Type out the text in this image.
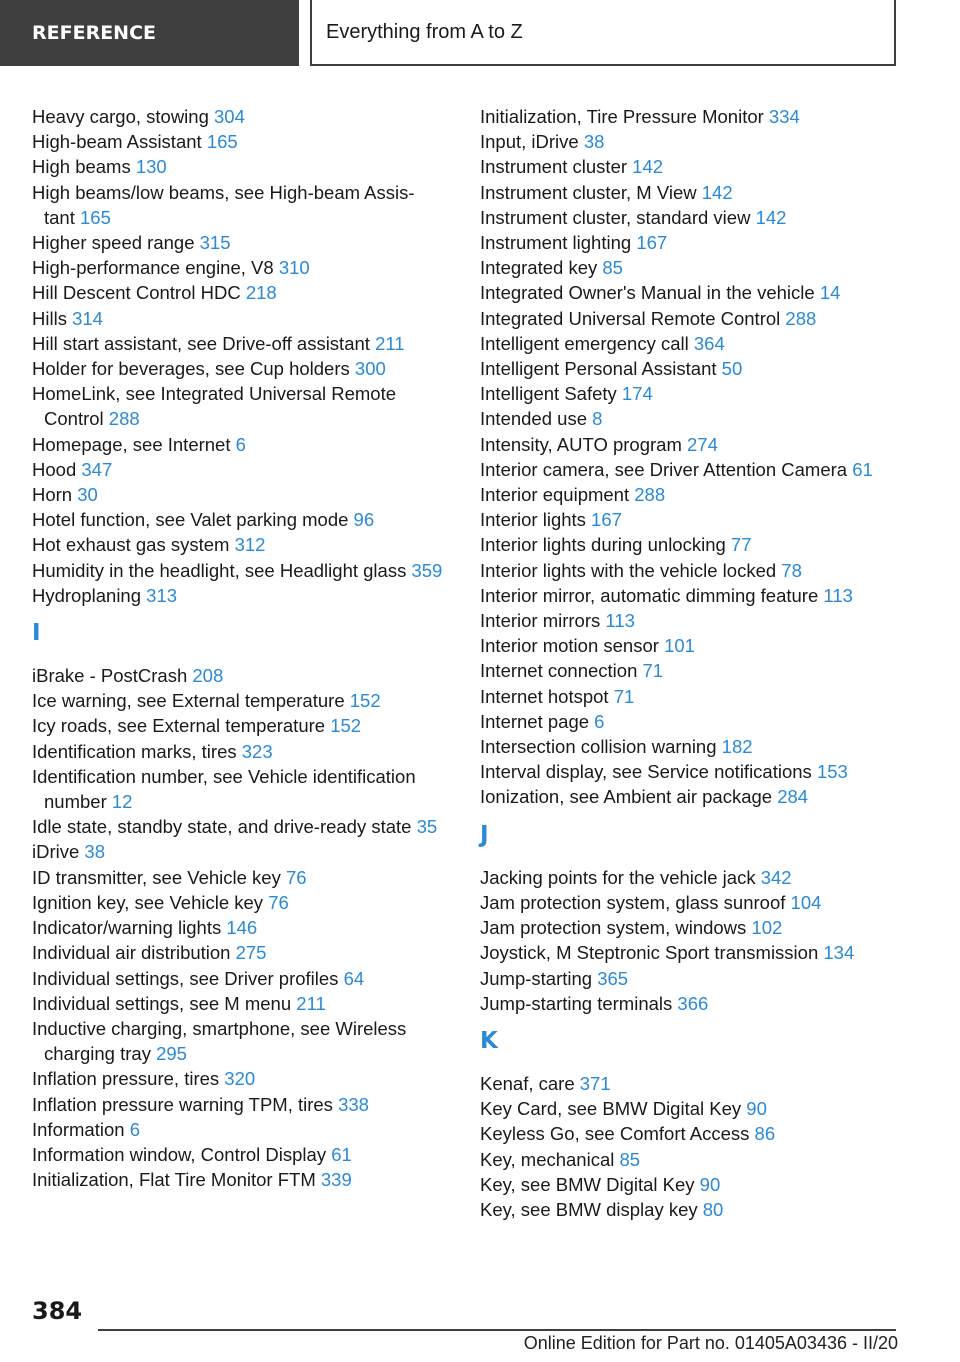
REFERENCE	Everything from A to Z
Heavy cargo, stowing 304
High-beam Assistant 165
High beams 130
High beams/low beams, see High-beam Assis‐tant 165
Higher speed range 315
High-performance engine, V8 310
Hill Descent Control HDC 218
Hills 314
Hill start assistant, see Drive-off assistant 211
Holder for beverages, see Cup holders 300
HomeLink, see Integrated Universal Remote Control 288
Homepage, see Internet 6
Hood 347
Horn 30
Hotel function, see Valet parking mode 96
Hot exhaust gas system 312
Humidity in the headlight, see Headlight glass 359
Hydroplaning 313
I
iBrake - PostCrash 208
Ice warning, see External temperature 152
Icy roads, see External temperature 152
Identification marks, tires 323
Identification number, see Vehicle identification number 12
Idle state, standby state, and drive-ready state 35
iDrive 38
ID transmitter, see Vehicle key 76
Ignition key, see Vehicle key 76
Indicator/warning lights 146
Individual air distribution 275
Individual settings, see Driver profiles 64
Individual settings, see M menu 211
Inductive charging, smartphone, see Wireless charging tray 295
Inflation pressure, tires 320
Inflation pressure warning TPM, tires 338
Information 6
Information window, Control Display 61
Initialization, Flat Tire Monitor FTM 339
Initialization, Tire Pressure Monitor 334
Input, iDrive 38
Instrument cluster 142
Instrument cluster, M View 142
Instrument cluster, standard view 142
Instrument lighting 167
Integrated key 85
Integrated Owner's Manual in the vehicle 14
Integrated Universal Remote Control 288
Intelligent emergency call 364
Intelligent Personal Assistant 50
Intelligent Safety 174
Intended use 8
Intensity, AUTO program 274
Interior camera, see Driver Attention Camera 61
Interior equipment 288
Interior lights 167
Interior lights during unlocking 77
Interior lights with the vehicle locked 78
Interior mirror, automatic dimming feature 113
Interior mirrors 113
Interior motion sensor 101
Internet connection 71
Internet hotspot 71
Internet page 6
Intersection collision warning 182
Interval display, see Service notifications 153
Ionization, see Ambient air package 284
J
Jacking points for the vehicle jack 342
Jam protection system, glass sunroof 104
Jam protection system, windows 102
Joystick, M Steptronic Sport transmission 134
Jump-starting 365
Jump-starting terminals 366
K
Kenaf, care 371
Key Card, see BMW Digital Key 90
Keyless Go, see Comfort Access 86
Key, mechanical 85
Key, see BMW Digital Key 90
Key, see BMW display key 80
384
Online Edition for Part no. 01405A03436 - II/20
